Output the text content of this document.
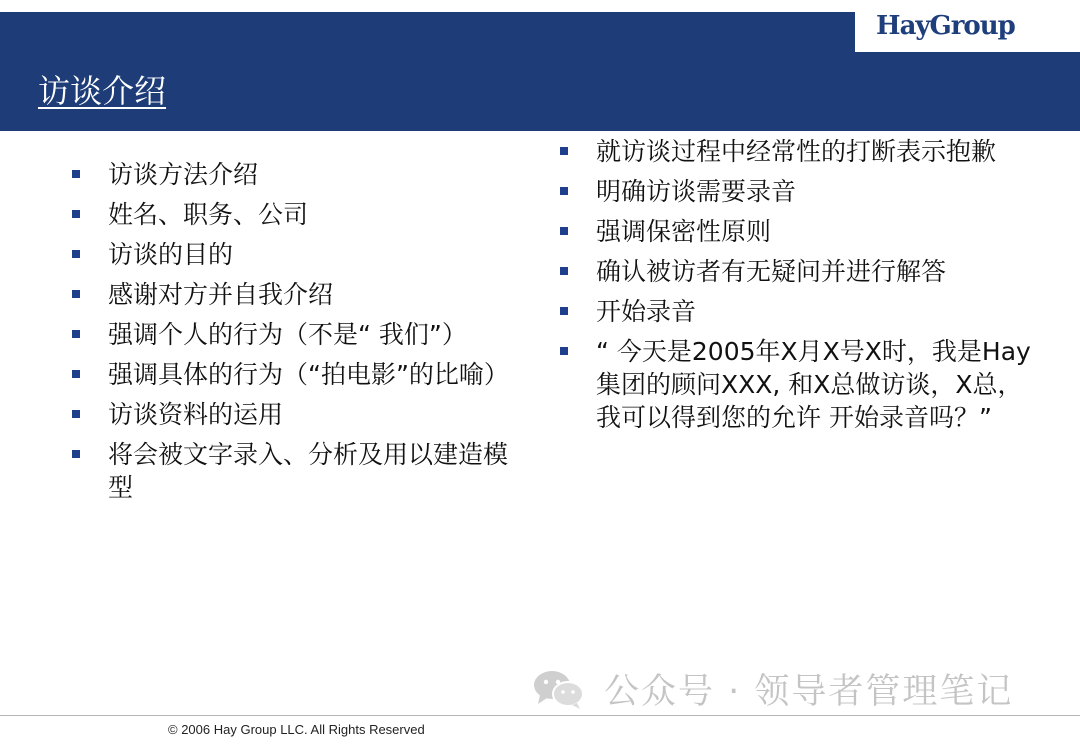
HayGroup
访谈介绍
访谈方法介绍
姓名、职务、公司
访谈的目的
感谢对方并自我介绍
强调个人的行为（不是“ 我们”）
强调具体的行为（“拍电影”的比喻）
访谈资料的运用
将会被文字录入、分析及用以建造模型
就访谈过程中经常性的打断表示抱歉
明确访谈需要录音
强调保密性原则
确认被访者有无疑问并进行解答
开始录音
“ 今天是2005年X月X号X时，我是Hay集团的顾问XXX, 和X总做访谈，X总，我可以得到您的允许 开始录音吗？”
公众号 · 领导者管理笔记
© 2006 Hay Group LLC. All Rights Reserved
